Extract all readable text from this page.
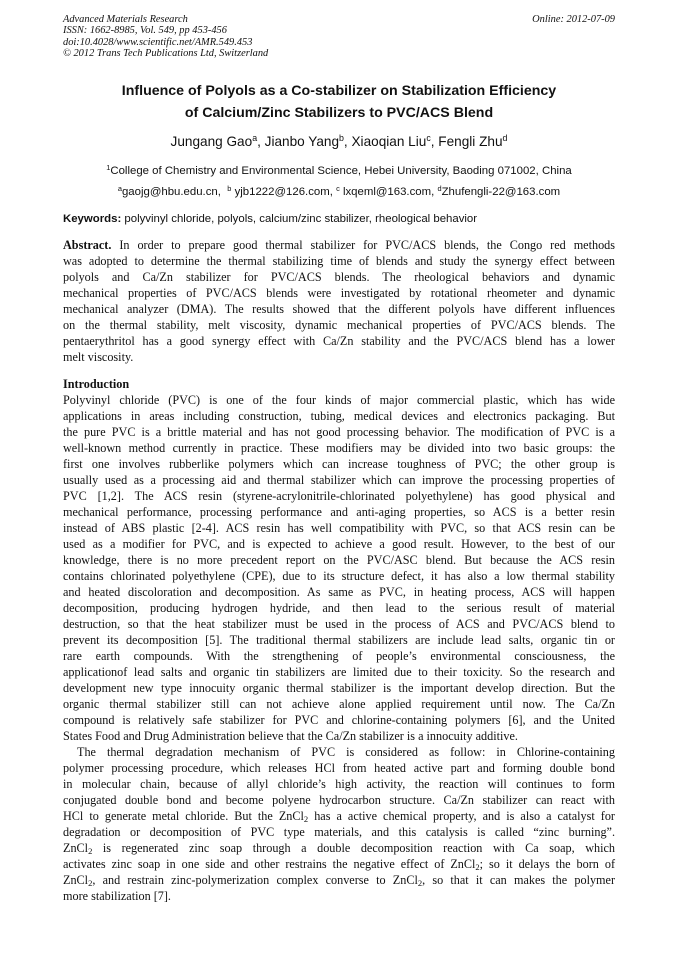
Advanced Materials Research
ISSN: 1662-8985, Vol. 549, pp 453-456
doi:10.4028/www.scientific.net/AMR.549.453
© 2012 Trans Tech Publications Ltd, Switzerland
Online: 2012-07-09
Influence of Polyols as a Co-stabilizer on Stabilization Efficiency
of Calcium/Zinc Stabilizers to PVC/ACS Blend
Jungang Gao$^a$, Jianbo Yang$^b$, Xiaoqian Liu$^c$, Fengli Zhu$^d$
$^1$College of Chemistry and Environmental Science, Hebei University, Baoding 071002, China
$^a$gaojg@hbu.edu.cn, $^b$ yjb1222@126.com, $^c$ lxqeml@163.com, $^d$Zhufengli-22@163.com
Keywords: polyvinyl chloride, polyols, calcium/zinc stabilizer, rheological behavior
Abstract. In order to prepare good thermal stabilizer for PVC/ACS blends, the Congo red methods
was adopted to determine the thermal stabilizing time of blends and study the synergy effect between
polyols and Ca/Zn stabilizer for PVC/ACS blends. The rheological behaviors and dynamic
mechanical properties of PVC/ACS blends were investigated by rotational rheometer and dynamic
mechanical analyzer (DMA). The results showed that the different polyols have different influences
on the thermal stability, melt viscosity, dynamic mechanical properties of PVC/ACS blends. The
pentaerythritol has a good synergy effect with Ca/Zn stability and the PVC/ACS blend has a lower
melt viscosity.
Introduction
Polyvinyl chloride (PVC) is one of the four kinds of major commercial plastic, which has wide
applications in areas including construction, tubing, medical devices and electronics packaging. But
the pure PVC is a brittle material and has not good processing behavior. The modification of PVC is a
well-known method currently in practice. These modifiers may be divided into two basic groups: the
first one involves rubberlike polymers which can increase toughness of PVC; the other group is
usually used as a processing aid and thermal stabilizer which can improve the processing properties of
PVC [1,2]. The ACS resin (styrene-acrylonitrile-chlorinated polyethylene) has good physical and
mechanical performance, processing performance and anti-aging properties, so ACS is a better resin
instead of ABS plastic [2-4]. ACS resin has well compatibility with PVC, so that ACS resin can be
used as a modifier for PVC, and is expected to achieve a good result. However, to the best of our
knowledge, there is no more precedent report on the PVC/ASC blend. But because the ACS resin
contains chlorinated polyethylene (CPE), due to its structure defect, it has also a low thermal stability
and heated discoloration and decomposition. As same as PVC, in heating process, ACS will happen
decomposition, producing hydrogen hydride, and then lead to the serious result of material
destruction, so that the heat stabilizer must be used in the process of ACS and PVC/ACS blend to
prevent its decomposition [5]. The traditional thermal stabilizers are include lead salts, organic tin or
rare earth compounds. With the strengthening of people’s environmental consciousness, the
applicationof lead salts and organic tin stabilizers are limited due to their toxicity. So the research and
development new type innocuity organic thermal stabilizer is the important develop direction. But the
organic thermal stabilizer still can not achieve alone applied requirement until now. The Ca/Zn
compound is relatively safe stabilizer for PVC and chlorine-containing polymers [6], and the United
States Food and Drug Administration believe that the Ca/Zn stabilizer is a innocuity additive.
The thermal degradation mechanism of PVC is considered as follow: in Chlorine-containing
polymer processing procedure, which releases HCl from heated active part and forming double bond
in molecular chain, because of allyl chloride’s high activity, the reaction will continues to form
conjugated double bond and become polyene hydrocarbon structure. Ca/Zn stabilizer can react with
HCl to generate metal chloride. But the ZnCl$_2$ has a active chemical property, and is also a catalyst for
degradation or decomposition of PVC type materials, and this catalysis is called “zinc burning”.
ZnCl$_2$ is regenerated zinc soap through a double decomposition reaction with Ca soap, which
activates zinc soap in one side and other restrains the negative effect of ZnCl$_2$; so it delays the born of
ZnCl$_2$, and restrain zinc-polymerization complex converse to ZnCl$_2$, so that it can makes the polymer
more stabilization [7].
